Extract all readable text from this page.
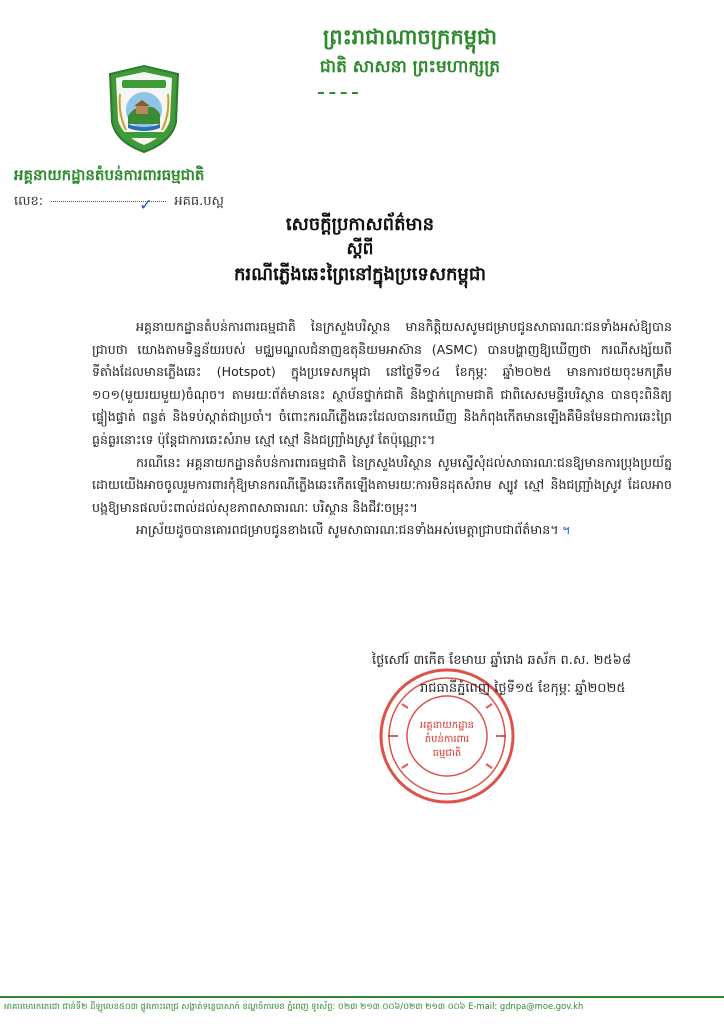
ព្រះរាជាណាចក្រកម្ពុជា
ជាតិ សាសនា ព្រះមហាក្សត្រ
អគ្គនាយកដ្ឋានតំបន់ការពារធម្មជាតិ
លេខ:	✓ អគធ.បស្ព
សេចក្តីប្រកាសព័ត៌មាន
ស្តីពី
ករណីភ្លើងឆេះព្រៃនៅក្នុងប្រទេសកម្ពុជា

អគ្គនាយកដ្ឋានតំបន់ការពារធម្មជាតិ នៃក្រសួងបរិស្ថាន មានកិត្តិយសសូមជម្រាបជូនសាធារណៈជនទាំងអស់ឱ្យបានជ្រាបថា យោងតាមទិន្នន័យរបស់ មជ្ឈមណ្ឌលជំនាញឧតុនិយមអាស៊ាន (ASMC) បានបង្ហាញឱ្យឃើញថា ករណីសង្ស័យពី ទីតាំងដែលមានភ្លើងឆេះ (Hotspot) ក្នុងប្រទេសកម្ពុជា នៅថ្ងៃទី១៤ ខែកុម្ភៈ ឆ្នាំ២០២៥ មានការថយចុះមកត្រឹម ១០១(មួយរយមួយ)ចំណុច។ តាមរយៈព័ត៌មាននេះ ស្ថាប័នថ្នាក់ជាតិ និងថ្នាក់ក្រោមជាតិ ជាពិសេសមន្ទីរបរិស្ថាន បានចុះពិនិត្យ ផ្ទៀងផ្ទាត់ ពន្លត់ និងទប់ស្កាត់ជាប្រចាំ។ ចំពោះករណីភ្លើងឆេះដែលបានរកឃើញ និងកំពុងកើតមានឡើងគឺមិនមែនជាការឆេះព្រៃធ្ងន់ធ្ងរនោះទេ ប៉ុន្តែជាការឆេះសំរាម ស្មៅ ស្មៅ និងជញ្ជ្រាំងស្រូវ តែប៉ុណ្ណោះ។

ករណីនេះ អគ្គនាយកដ្ឋានតំបន់ការពារធម្មជាតិ នៃក្រសួងបរិស្ថាន សូមស្នើសុំដល់សាធារណៈជនឱ្យមានការប្រុងប្រយ័ត្ន ដោយយើងអាចចូលរួមការពារកុំឱ្យមានករណីភ្លើងឆេះកើតឡើងតាមរយៈការមិនដុតសំរាម ស្បូវ ស្មៅ និងជញ្ជ្រាំងស្រូវ ដែលអាចបង្កឱ្យមានផលប៉ះពាល់ដល់សុខភាពសាធារណៈ បរិស្ថាន និងជីវៈចម្រុះ។

អាស្រ័យដូចបានគោរពជម្រាបជូនខាងលើ សូមសាធារណៈជនទាំងអស់មេត្តាជ្រាបជាព័ត៌មាន។ ฯ

អគ្គនាយកដ្ឋាន
តំបន់ការពារ
ធម្មជាតិ
ថ្ងៃសៅរ៍ ៣កើត ខែមាឃ ឆ្នាំរោង ឆស័ក ព.ស. ២៥៦៨
រាជធានីភ្នំពេញ ថ្ងៃទី១៥ ខែកុម្ភៈ ឆ្នាំ២០២៥
អាគារមោរកតេជោ ជាន់ទី២ ដីឡូលេខ៥០៣ ផ្លូវកោះពេជ្រ សង្កាត់ទន្លេបាសាក់ ខណ្ឌចំការមន ភ្នំពេញ ទូរស័ព្ទ: ០២៣ ២១៣ ០០៦/០២៣ ២១៣ ០០៦ E-mail: gdnpa@moe.gov.kh
